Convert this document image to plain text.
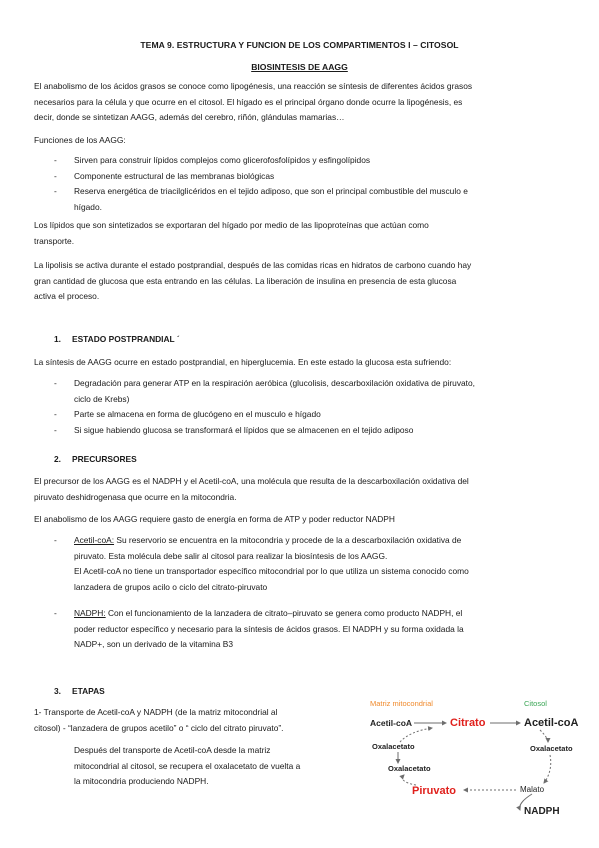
TEMA 9. ESTRUCTURA Y FUNCION DE LOS COMPARTIMENTOS I – CITOSOL
BIOSINTESIS DE AAGG
El anabolismo de los ácidos grasos se conoce como lipogénesis, una reacción se síntesis de diferentes ácidos grasos
necesarios para la célula y que ocurre en el citosol. El hígado es el principal órgano donde ocurre la lipogénesis, es
decir, donde se sintetizan AAGG, además del cerebro, riñón, glándulas mamarias…
Funciones de los AAGG:
- Sirven para construir lípidos complejos como glicerofosfolípidos y esfingolípidos
- Componente estructural de las membranas biológicas
- Reserva energética de triacilglicéridos en el tejido adiposo, que son el principal combustible del musculo e
hígado.
Los lípidos que son sintetizados se exportaran del hígado por medio de las lipoproteínas que actúan como
transporte.
La lipolisis se activa durante el estado postprandial, después de las comidas ricas en hidratos de carbono cuando hay
gran cantidad de glucosa que esta entrando en las células. La liberación de insulina en presencia de esta glucosa
activa el proceso.
1. ESTADO POSTPRANDIAL ´
La síntesis de AAGG ocurre en estado postprandial, en hiperglucemia. En este estado la glucosa esta sufriendo:
- Degradación para generar ATP en la respiración aeróbica (glucolisis, descarboxilación oxidativa de piruvato,
ciclo de Krebs)
- Parte se almacena en forma de glucógeno en el musculo e hígado
- Si sigue habiendo glucosa se transformará el lípidos que se almacenen en el tejido adiposo
2. PRECURSORES
El precursor de los AAGG es el NADPH y el Acetil-coA, una molécula que resulta de la descarboxilación oxidativa del
piruvato deshidrogenasa que ocurre en la mitocondria.
El anabolismo de los AAGG requiere gasto de energía en forma de ATP y poder reductor NADPH
- Acetil-coA: Su reservorio se encuentra en la mitocondria y procede de la a descarboxilación oxidativa de
piruvato. Esta molécula debe salir al citosol para realizar la biosíntesis de los AAGG.
El Acetil-coA no tiene un transportador específico mitocondrial por lo que utiliza un sistema conocido como
lanzadera de grupos acilo o ciclo del citrato-piruvato
- NADPH: Con el funcionamiento de la lanzadera de citrato–piruvato se genera como producto NADPH, el
poder reductor específico y necesario para la síntesis de ácidos grasos. El NADPH y su forma oxidada la
NADP+, son un derivado de la vitamina B3
3. ETAPAS
1- Transporte de Acetil-coA y NADPH (de la matriz mitocondrial al
citosol) - “lanzadera de grupos acetilo” o “ ciclo del citrato piruvato”.
Después del transporte de Acetil-coA desde la matriz
mitocondrial al citosol, se recupera el oxalacetato de vuelta a
la mitocondria produciendo NADPH.
Matriz mitocondrial	Citosol
Acetil-coA	Citrato	Acetil-coA
Oxalacetato	Oxalacetato
Oxalacetato
Malato
Piruvato
NADPH
